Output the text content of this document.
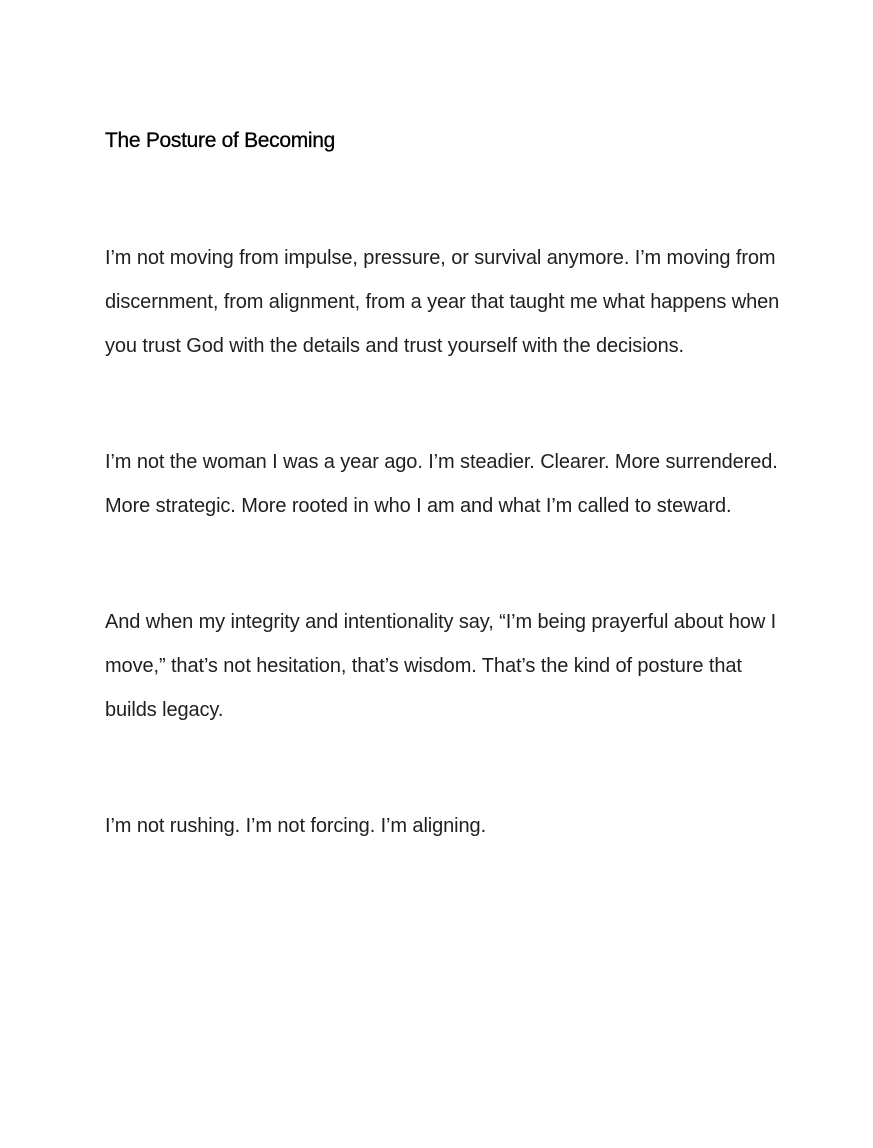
The Posture of Becoming

I’m not moving from impulse, pressure, or survival anymore. I’m moving from discernment, from alignment, from a year that taught me what happens when you trust God with the details and trust yourself with the decisions.

I’m not the woman I was a year ago. I’m steadier. Clearer. More surrendered. More strategic. More rooted in who I am and what I’m called to steward.

And when my integrity and intentionality say, “I’m being prayerful about how I move,” that’s not hesitation, that’s wisdom. That’s the kind of posture that builds legacy.

I’m not rushing. I’m not forcing. I’m aligning.
